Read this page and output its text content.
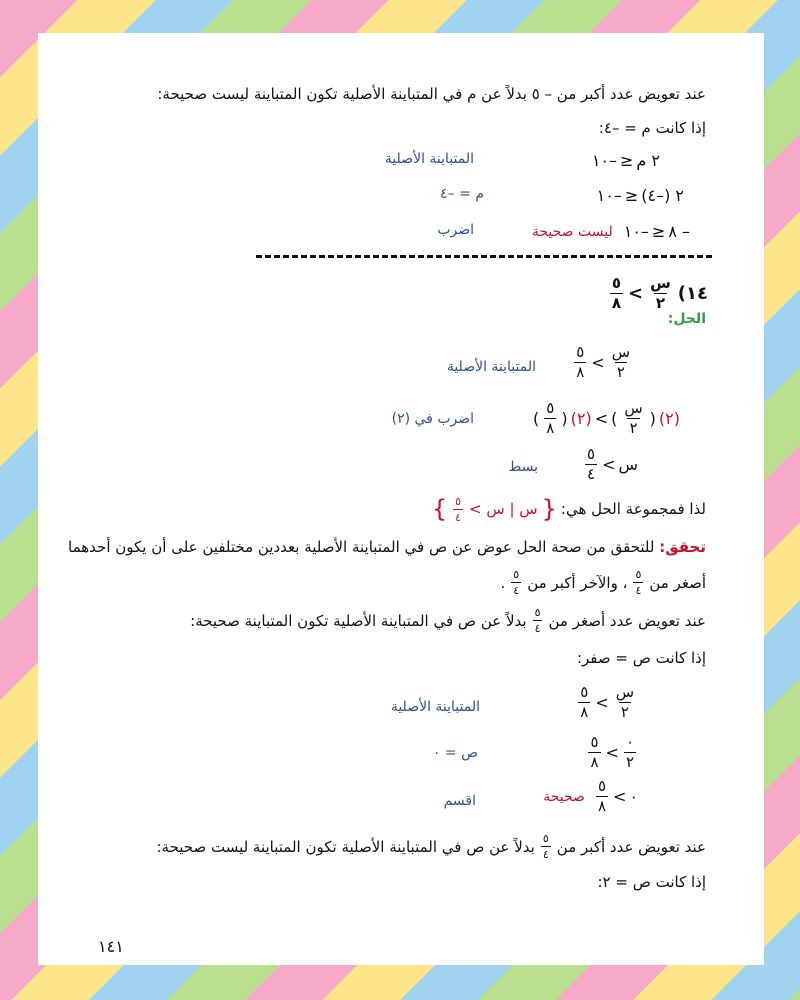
عند تعويض عدد أكبر من – ٥ بدلاً عن م في المتباينة الأصلية تكون المتباينة ليست صحيحة:
إذا كانت م = –٤:
٢ م
≤
–١٠
المتباينة الأصلية
٢ (–٤)
≤
–١٠
م = –٤
– ٨
≤
–١٠
ليست صحيحة
اضرب
١٤)
$\frac{\text{س}}{٢}$
>
$\frac{٥}{٨}$
الحل:
$\frac{\text{س}}{٢}$
>
$\frac{٥}{٨}$
المتباينة الأصلية
(٢)
(
$\frac{\text{س}}{٢}$
)
>
(٢)
(
$\frac{٥}{٨}$
)
اضرب في (٢)
س
>
$\frac{٥}{٤}$
بسط
لذا فمجموعة الحل هي:
{
س | س >
$\frac{٥}{٤}$
}
تحقق: للتحقق من صحة الحل عوض عن ص في المتباينة الأصلية بعددين مختلفين على أن يكون أحدهما
أصغر من
$\frac{٥}{٤}$
، والآخر أكبر من
$\frac{٥}{٤}$
.
عند تعويض عدد أصغر من
$\frac{٥}{٤}$
بدلاً عن ص في المتباينة الأصلية تكون المتباينة صحيحة:
إذا كانت ص = صفر:
$\frac{\text{س}}{٢}$
>
$\frac{٥}{٨}$
المتباينة الأصلية
$\frac{٠}{٢}$
>
$\frac{٥}{٨}$
ص = ٠
٠
>
$\frac{٥}{٨}$
صحيحة
اقسم
عند تعويض عدد أكبر من
$\frac{٥}{٤}$
بدلاً عن ص في المتباينة الأصلية تكون المتباينة ليست صحيحة:
إذا كانت ص = ٢:
١٤١
